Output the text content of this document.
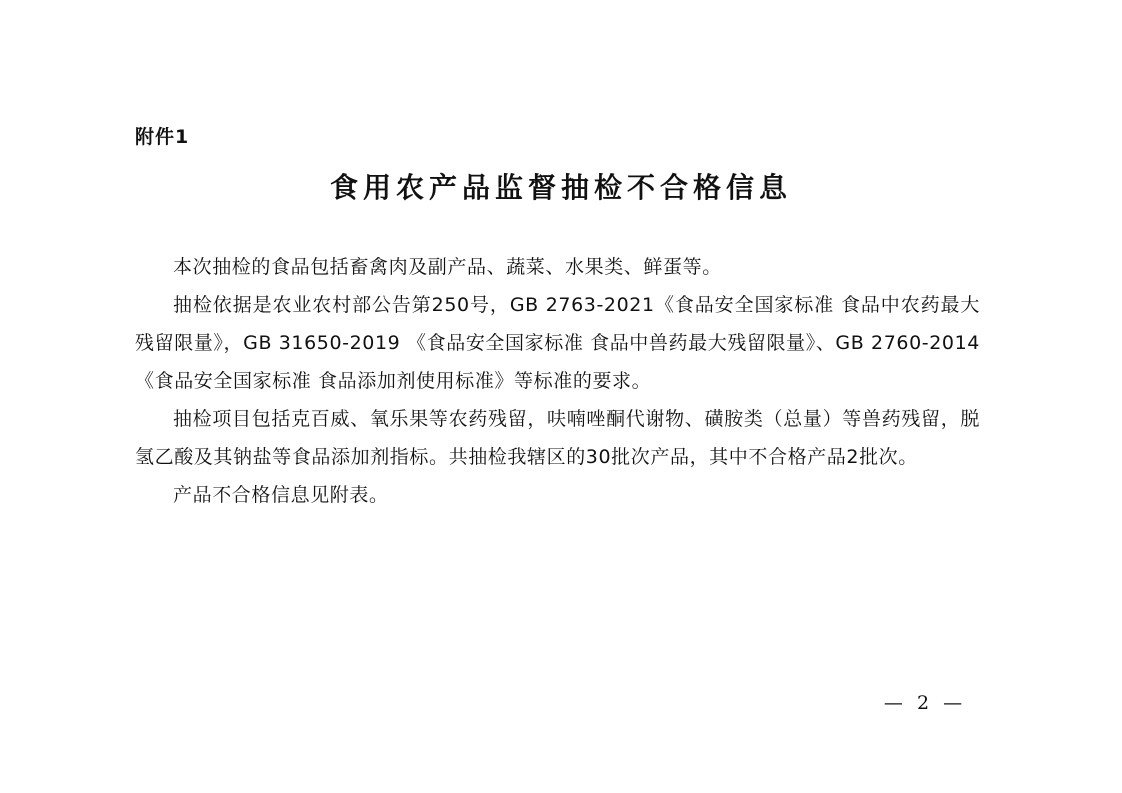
附件1
食用农产品监督抽检不合格信息

本次抽检的食品包括畜禽肉及副产品、蔬菜、水果类、鲜蛋等。

抽检依据是农业农村部公告第250号，GB 2763-2021《食品安全国家标准 食品中农药最大残留限量》，GB 31650-2019 《食品安全国家标准 食品中兽药最大残留限量》、GB 2760-2014《食品安全国家标准 食品添加剂使用标准》等标准的要求。

抽检项目包括克百威、氧乐果等农药残留，呋喃唑酮代谢物、磺胺类（总量）等兽药残留，脱氢乙酸及其钠盐等食品添加剂指标。共抽检我辖区的30批次产品，其中不合格产品2批次。

产品不合格信息见附表。

— 2 —
